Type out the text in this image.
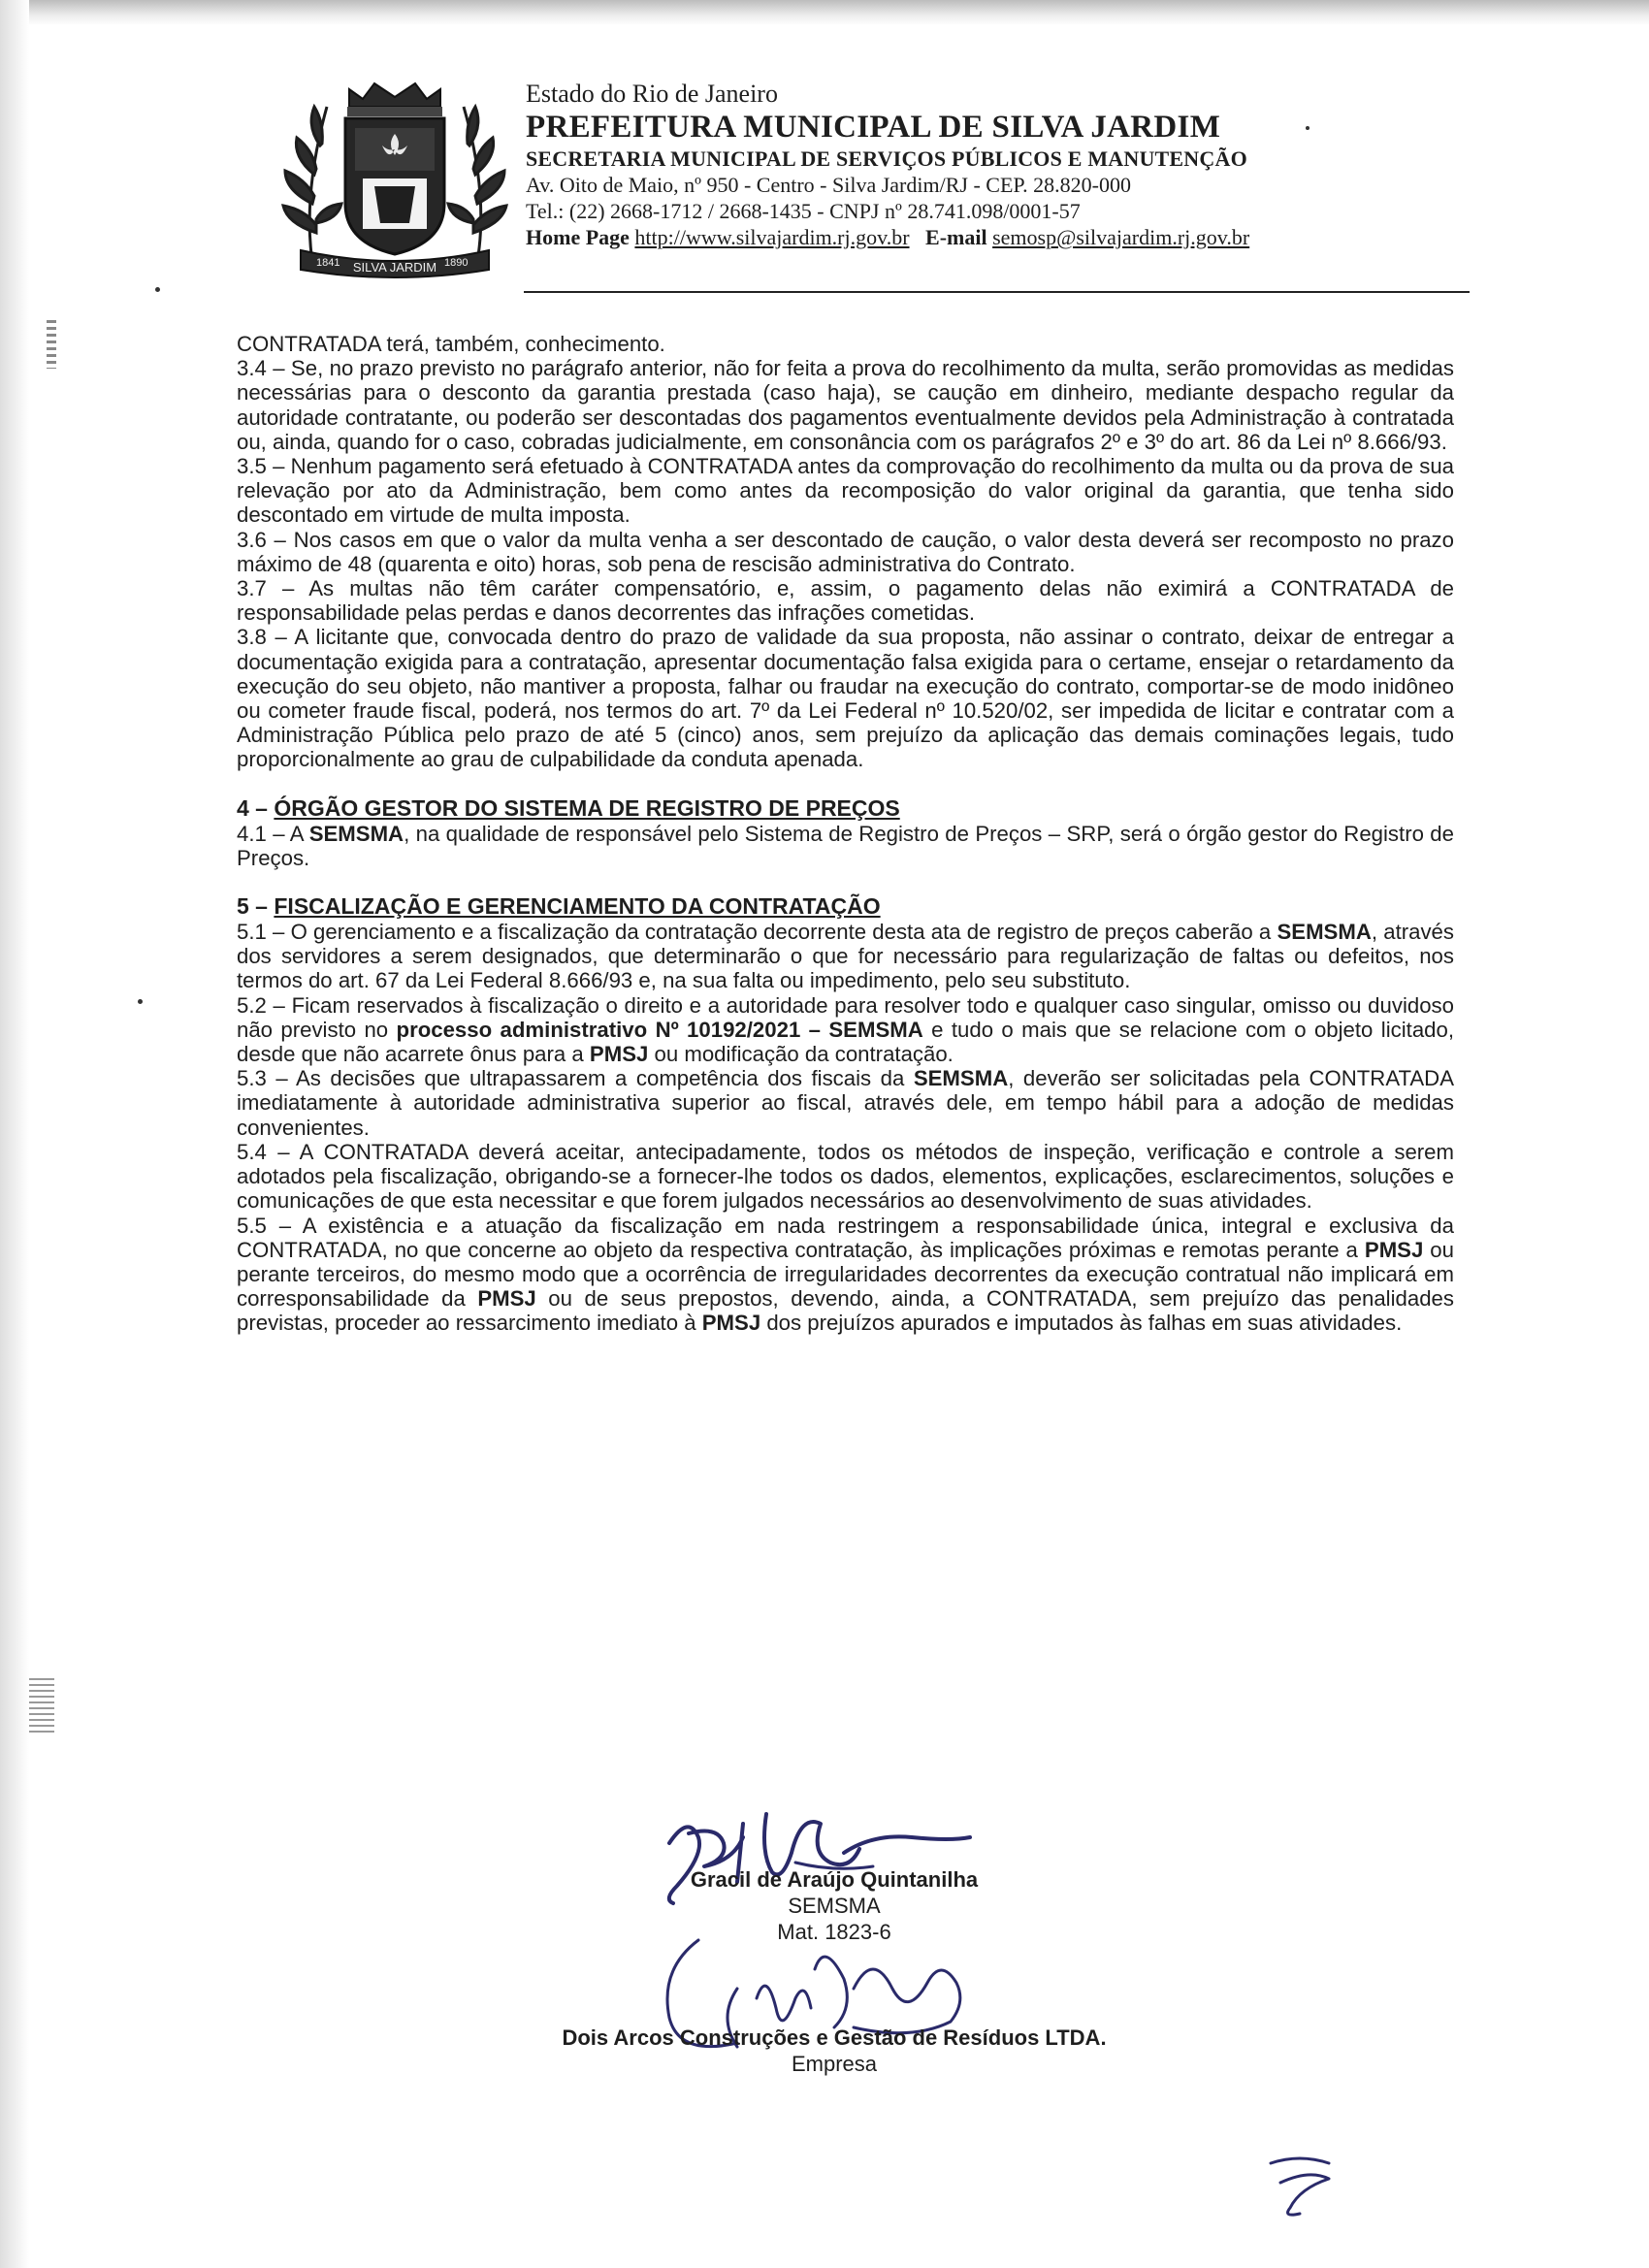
1841 SILVA JARDIM 1890
Estado do Rio de Janeiro
PREFEITURA MUNICIPAL DE SILVA JARDIM
SECRETARIA MUNICIPAL DE SERVIÇOS PÚBLICOS E MANUTENÇÃO
Av. Oito de Maio, nº 950 - Centro - Silva Jardim/RJ - CEP. 28.820-000
Tel.: (22) 2668-1712 / 2668-1435 - CNPJ nº 28.741.098/0001-57
Home Page http://www.silvajardim.rj.gov.br E-mail semosp@silvajardim.rj.gov.br

CONTRATADA terá, também, conhecimento.

3.4 – Se, no prazo previsto no parágrafo anterior, não for feita a prova do recolhimento da multa, serão promovidas as medidas necessárias para o desconto da garantia prestada (caso haja), se caução em dinheiro, mediante despacho regular da autoridade contratante, ou poderão ser descontadas dos pagamentos eventualmente devidos pela Administração à contratada ou, ainda, quando for o caso, cobradas judicialmente, em consonância com os parágrafos 2º e 3º do art. 86 da Lei nº 8.666/93.

3.5 – Nenhum pagamento será efetuado à CONTRATADA antes da comprovação do recolhimento da multa ou da prova de sua relevação por ato da Administração, bem como antes da recomposição do valor original da garantia, que tenha sido descontado em virtude de multa imposta.

3.6 – Nos casos em que o valor da multa venha a ser descontado de caução, o valor desta deverá ser recomposto no prazo máximo de 48 (quarenta e oito) horas, sob pena de rescisão administrativa do Contrato.

3.7 – As multas não têm caráter compensatório, e, assim, o pagamento delas não eximirá a CONTRATADA de responsabilidade pelas perdas e danos decorrentes das infrações cometidas.

3.8 – A licitante que, convocada dentro do prazo de validade da sua proposta, não assinar o contrato, deixar de entregar a documentação exigida para a contratação, apresentar documentação falsa exigida para o certame, ensejar o retardamento da execução do seu objeto, não mantiver a proposta, falhar ou fraudar na execução do contrato, comportar-se de modo inidôneo ou cometer fraude fiscal, poderá, nos termos do art. 7º da Lei Federal nº 10.520/02, ser impedida de licitar e contratar com a Administração Pública pelo prazo de até 5 (cinco) anos, sem prejuízo da aplicação das demais cominações legais, tudo proporcionalmente ao grau de culpabilidade da conduta apenada.

4 – ÓRGÃO GESTOR DO SISTEMA DE REGISTRO DE PREÇOS

4.1 – A SEMSMA, na qualidade de responsável pelo Sistema de Registro de Preços – SRP, será o órgão gestor do Registro de Preços.

5 – FISCALIZAÇÃO E GERENCIAMENTO DA CONTRATAÇÃO

5.1 – O gerenciamento e a fiscalização da contratação decorrente desta ata de registro de preços caberão a SEMSMA, através dos servidores a serem designados, que determinarão o que for necessário para regularização de faltas ou defeitos, nos termos do art. 67 da Lei Federal 8.666/93 e, na sua falta ou impedimento, pelo seu substituto.

5.2 – Ficam reservados à fiscalização o direito e a autoridade para resolver todo e qualquer caso singular, omisso ou duvidoso não previsto no processo administrativo Nº 10192/2021 – SEMSMA e tudo o mais que se relacione com o objeto licitado, desde que não acarrete ônus para a PMSJ ou modificação da contratação.

5.3 – As decisões que ultrapassarem a competência dos fiscais da SEMSMA, deverão ser solicitadas pela CONTRATADA imediatamente à autoridade administrativa superior ao fiscal, através dele, em tempo hábil para a adoção de medidas convenientes.

5.4 – A CONTRATADA deverá aceitar, antecipadamente, todos os métodos de inspeção, verificação e controle a serem adotados pela fiscalização, obrigando-se a fornecer-lhe todos os dados, elementos, explicações, esclarecimentos, soluções e comunicações de que esta necessitar e que forem julgados necessários ao desenvolvimento de suas atividades.

5.5 – A existência e a atuação da fiscalização em nada restringem a responsabilidade única, integral e exclusiva da CONTRATADA, no que concerne ao objeto da respectiva contratação, às implicações próximas e remotas perante a PMSJ ou perante terceiros, do mesmo modo que a ocorrência de irregularidades decorrentes da execução contratual não implicará em corresponsabilidade da PMSJ ou de seus prepostos, devendo, ainda, a CONTRATADA, sem prejuízo das penalidades previstas, proceder ao ressarcimento imediato à PMSJ dos prejuízos apurados e imputados às falhas em suas atividades.

Gracil de Araújo Quintanilha
SEMSMA
Mat. 1823-6
Dois Arcos Construções e Gestão de Resíduos LTDA.
Empresa
